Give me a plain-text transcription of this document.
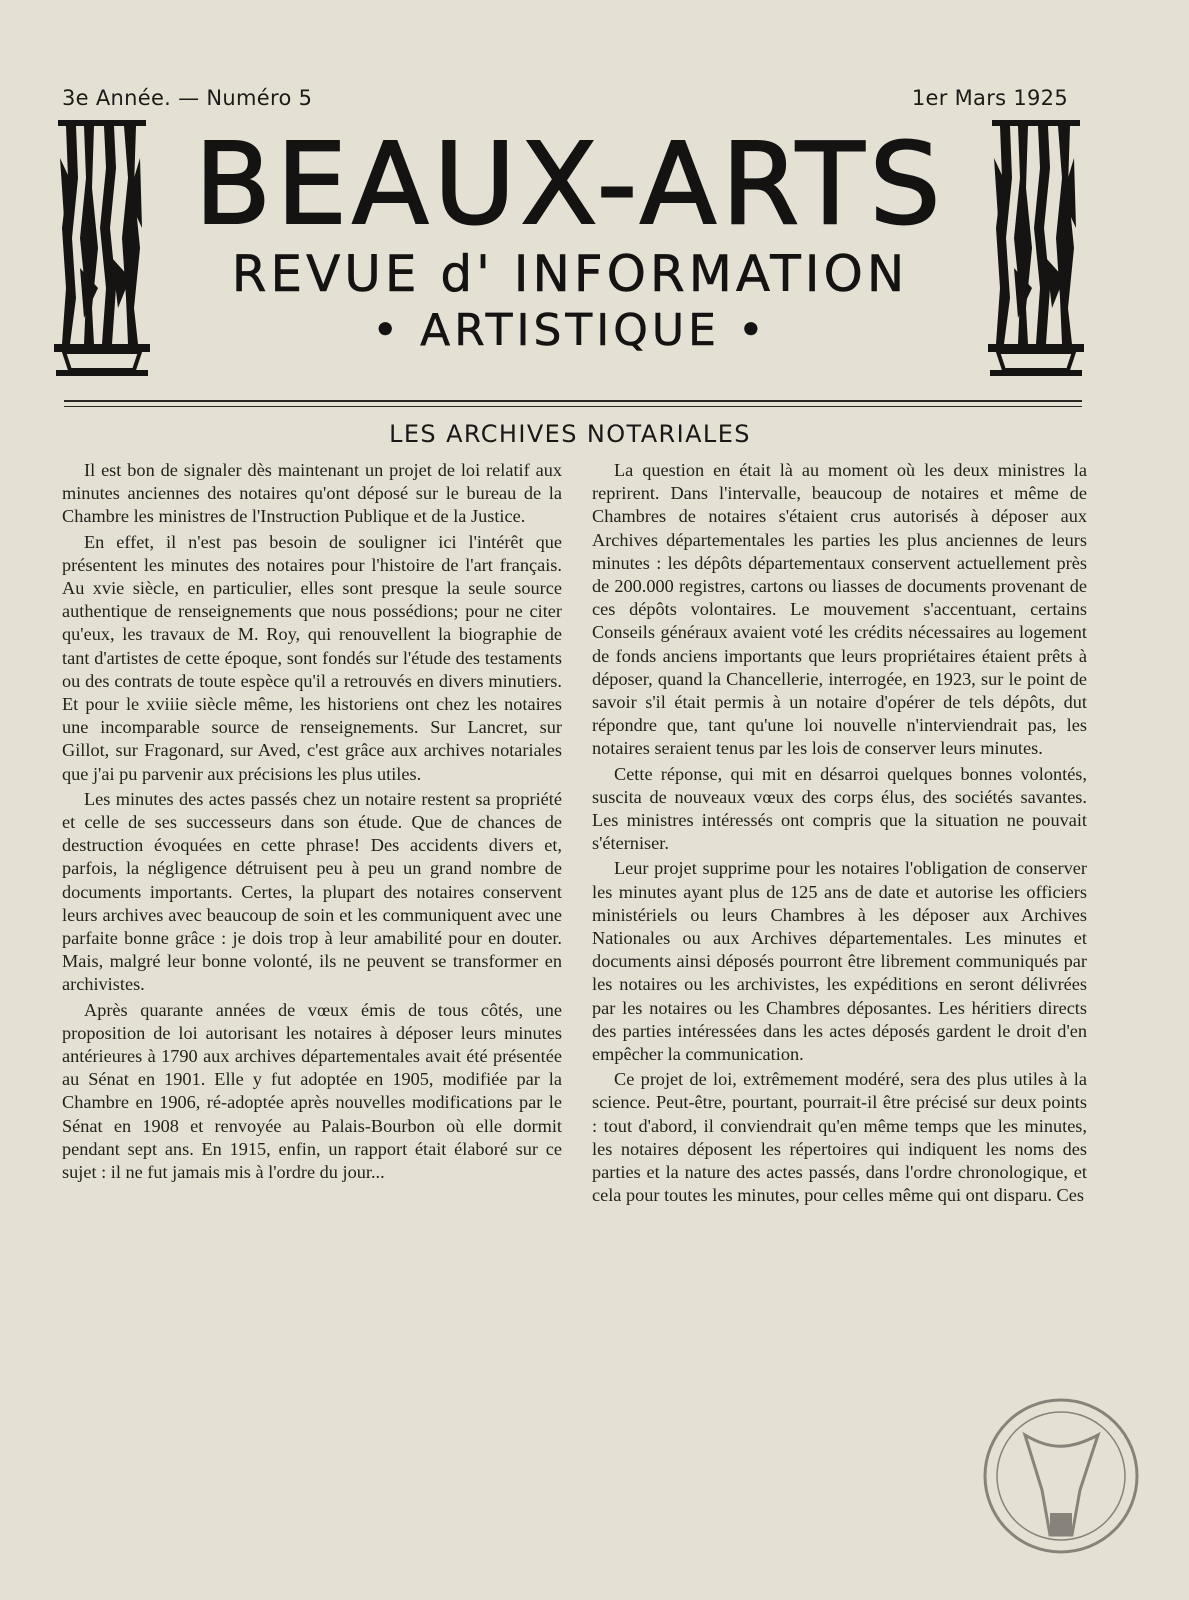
3e Année. — Numéro 5	1er Mars 1925
BEAUX-ARTS
REVUE d' INFORMATION
• ARTISTIQUE •
LES ARCHIVES NOTARIALES

Il est bon de signaler dès maintenant un projet de loi relatif aux minutes anciennes des notaires qu'ont déposé sur le bureau de la Chambre les ministres de l'Instruction Publique et de la Justice.

En effet, il n'est pas besoin de souligner ici l'intérêt que présentent les minutes des notaires pour l'histoire de l'art français. Au xvie siècle, en particulier, elles sont presque la seule source authentique de renseignements que nous possédions; pour ne citer qu'eux, les travaux de M. Roy, qui renouvellent la biographie de tant d'artistes de cette époque, sont fondés sur l'étude des testaments ou des contrats de toute espèce qu'il a retrouvés en divers minutiers. Et pour le xviiie siècle même, les historiens ont chez les notaires une incomparable source de renseignements. Sur Lancret, sur Gillot, sur Fragonard, sur Aved, c'est grâce aux archives notariales que j'ai pu parvenir aux précisions les plus utiles.

Les minutes des actes passés chez un notaire restent sa propriété et celle de ses successeurs dans son étude. Que de chances de destruction évoquées en cette phrase! Des accidents divers et, parfois, la négligence détruisent peu à peu un grand nombre de documents importants. Certes, la plupart des notaires conservent leurs archives avec beaucoup de soin et les communiquent avec une parfaite bonne grâce : je dois trop à leur amabilité pour en douter. Mais, malgré leur bonne volonté, ils ne peuvent se transformer en archivistes.

Après quarante années de vœux émis de tous côtés, une proposition de loi autorisant les notaires à déposer leurs minutes antérieures à 1790 aux archives départementales avait été présentée au Sénat en 1901. Elle y fut adoptée en 1905, modifiée par la Chambre en 1906, ré-adoptée après nouvelles modifications par le Sénat en 1908 et renvoyée au Palais-Bourbon où elle dormit pendant sept ans. En 1915, enfin, un rapport était élaboré sur ce sujet : il ne fut jamais mis à l'ordre du jour...

La question en était là au moment où les deux ministres la reprirent. Dans l'intervalle, beaucoup de notaires et même de Chambres de notaires s'étaient crus autorisés à déposer aux Archives départementales les parties les plus anciennes de leurs minutes : les dépôts départementaux conservent actuellement près de 200.000 registres, cartons ou liasses de documents provenant de ces dépôts volontaires. Le mouvement s'accentuant, certains Conseils généraux avaient voté les crédits nécessaires au logement de fonds anciens importants que leurs propriétaires étaient prêts à déposer, quand la Chancellerie, interrogée, en 1923, sur le point de savoir s'il était permis à un notaire d'opérer de tels dépôts, dut répondre que, tant qu'une loi nouvelle n'interviendrait pas, les notaires seraient tenus par les lois de conserver leurs minutes.

Cette réponse, qui mit en désarroi quelques bonnes volontés, suscita de nouveaux vœux des corps élus, des sociétés savantes. Les ministres intéressés ont compris que la situation ne pouvait s'éterniser.

Leur projet supprime pour les notaires l'obligation de conserver les minutes ayant plus de 125 ans de date et autorise les officiers ministériels ou leurs Chambres à les déposer aux Archives Nationales ou aux Archives départementales. Les minutes et documents ainsi déposés pourront être librement communiqués par les notaires ou les archivistes, les expéditions en seront délivrées par les notaires ou les Chambres déposantes. Les héritiers directs des parties intéressées dans les actes déposés gardent le droit d'en empêcher la communication.

Ce projet de loi, extrêmement modéré, sera des plus utiles à la science. Peut-être, pourtant, pourrait-il être précisé sur deux points : tout d'abord, il conviendrait qu'en même temps que les minutes, les notaires déposent les répertoires qui indiquent les noms des parties et la nature des actes passés, dans l'ordre chronologique, et cela pour toutes les minutes, pour celles même qui ont disparu. Ces
